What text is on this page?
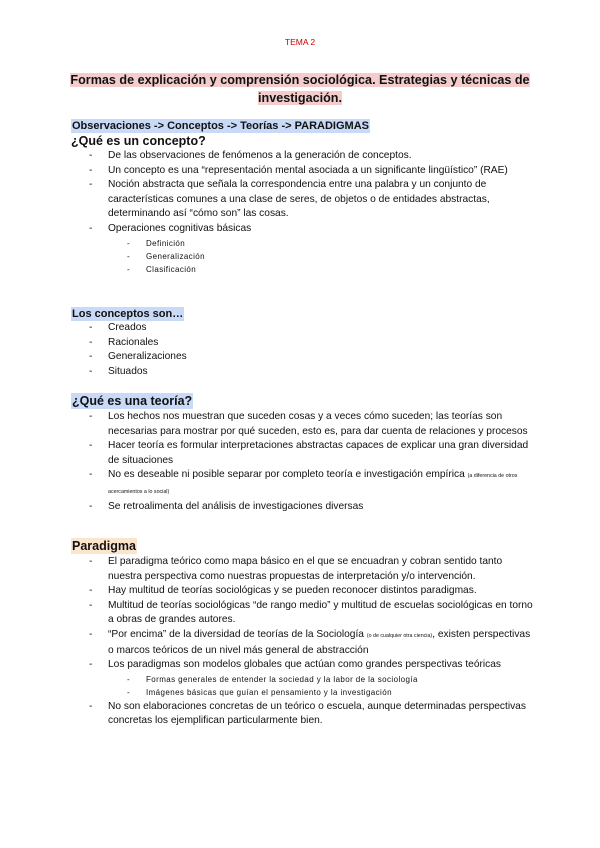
TEMA 2
Formas de explicación y comprensión sociológica. Estrategias y técnicas de investigación.
Observaciones -> Conceptos -> Teorías -> PARADIGMAS
¿Qué es un concepto?
- De las observaciones de fenómenos a la generación de conceptos.
- Un concepto es una “representación mental asociada a un significante lingüístico” (RAE)
- Noción abstracta que señala la correspondencia entre una palabra y un conjunto de características comunes a una clase de seres, de objetos o de entidades abstractas, determinando así “cómo son” las cosas.
- Operaciones cognitivas básicas
- Definición
- Generalización
- Clasificación
Los conceptos son…
- Creados
- Racionales
- Generalizaciones
- Situados
¿Qué es una teoría?
- Los hechos nos muestran que suceden cosas y a veces cómo suceden; las teorías son necesarias para mostrar por qué suceden, esto es, para dar cuenta de relaciones y procesos
- Hacer teoría es formular interpretaciones abstractas capaces de explicar una gran diversidad de situaciones
- No es deseable ni posible separar por completo teoría e investigación empírica (a diferencia de otros acercamientos a lo social)
- Se retroalimenta del análisis de investigaciones diversas
Paradigma
- El paradigma teórico como mapa básico en el que se encuadran y cobran sentido tanto nuestra perspectiva como nuestras propuestas de interpretación y/o intervención.
- Hay multitud de teorías sociológicas y se pueden reconocer distintos paradigmas.
- Multitud de teorías sociológicas “de rango medio” y multitud de escuelas sociológicas en torno a obras de grandes autores.
- “Por encima” de la diversidad de teorías de la Sociología (o de cualquier otra ciencia), existen perspectivas o marcos teóricos de un nivel más general de abstracción
- Los paradigmas son modelos globales que actúan como grandes perspectivas teóricas
- Formas generales de entender la sociedad y la labor de la sociología
- Imágenes básicas que guían el pensamiento y la investigación
- No son elaboraciones concretas de un teórico o escuela, aunque determinadas perspectivas concretas los ejemplifican particularmente bien.
